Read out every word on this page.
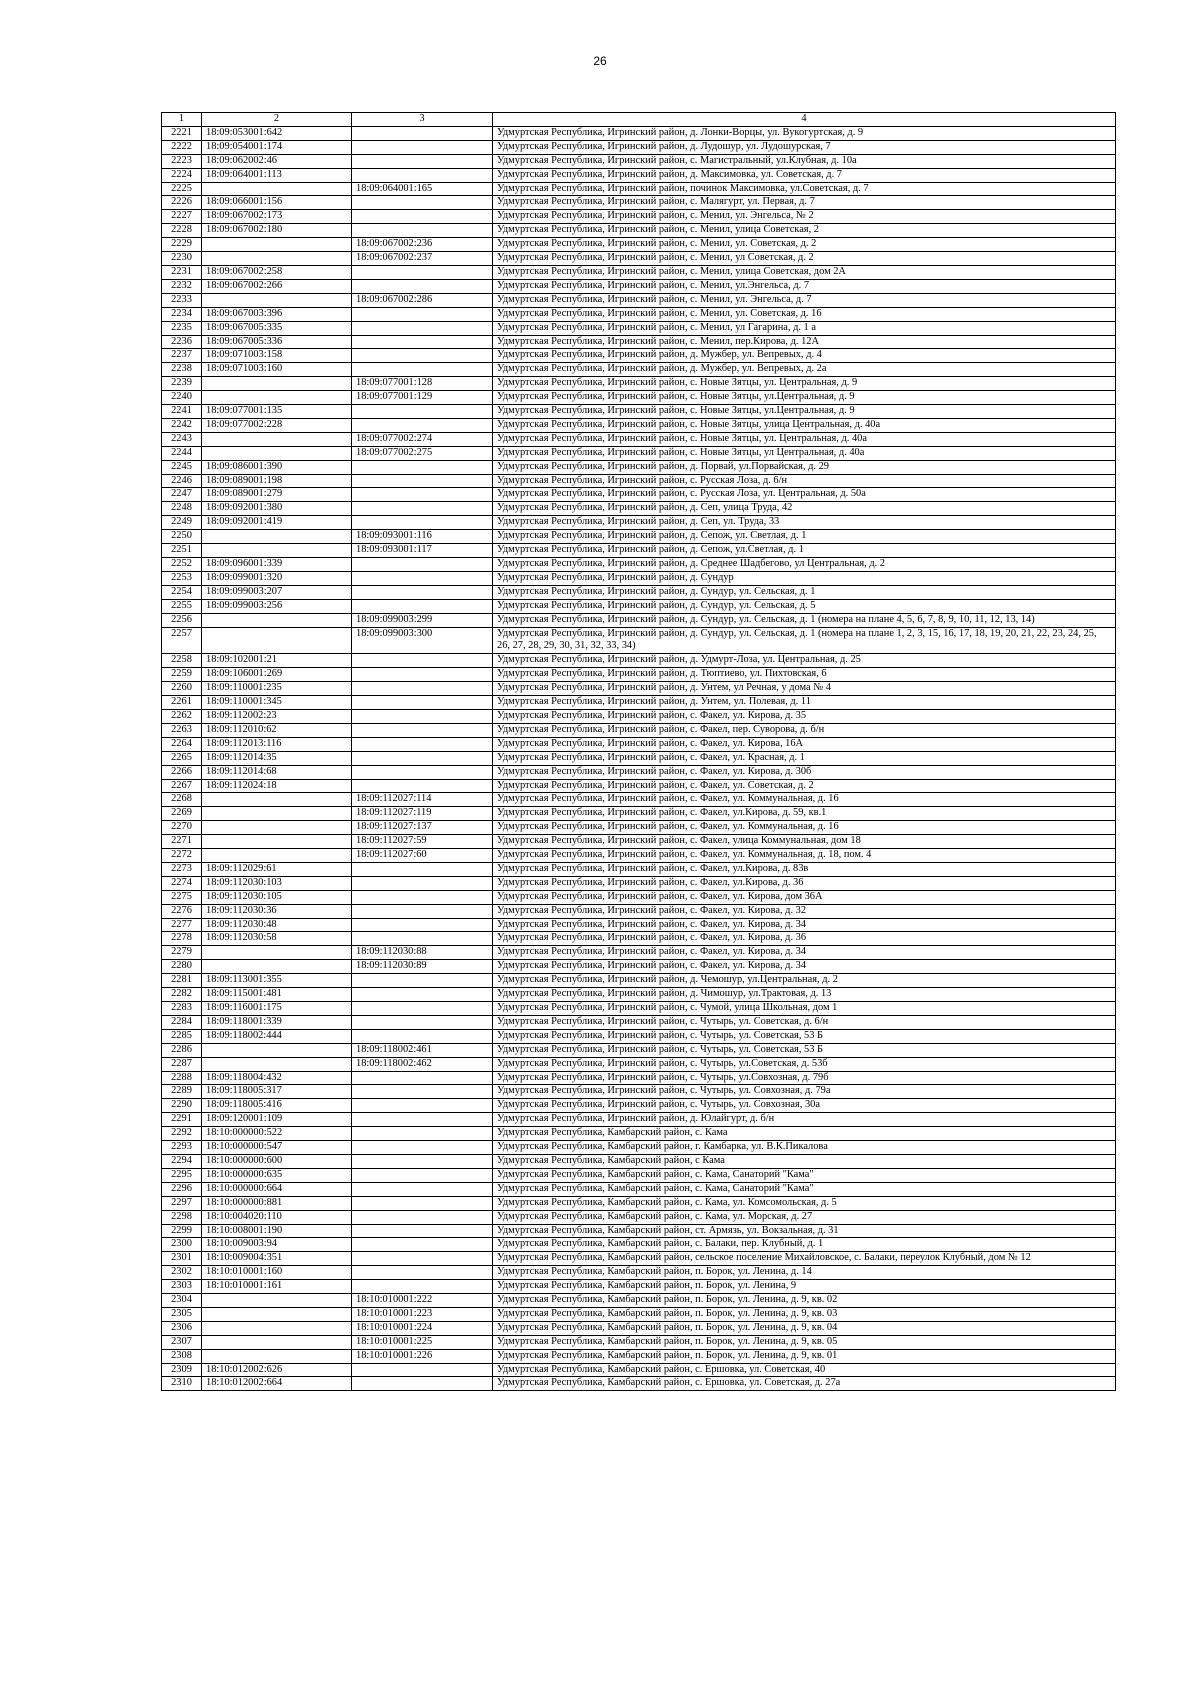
26
1	2	3	4
2221	18:09:053001:642		Удмуртская Республика, Игринский район, д. Лонки-Ворцы, ул. Вукогуртская, д. 9
2222	18:09:054001:174		Удмуртская Республика, Игринский район, д. Лудошур, ул. Лудошурская, 7
2223	18:09:062002:46		Удмуртская Республика, Игринский район, с. Магистральный, ул.Клубная, д. 10а
2224	18:09:064001:113		Удмуртская Республика, Игринский район, д. Максимовка, ул. Советская, д. 7
2225		18:09:064001:165	Удмуртская Республика, Игринский район, починок Максимовка, ул.Советская, д. 7
2226	18:09:066001:156		Удмуртская Республика, Игринский район, с. Малягурт, ул. Первая, д. 7
2227	18:09:067002:173		Удмуртская Республика, Игринский район, с. Менил, ул. Энгельса, № 2
2228	18:09:067002:180		Удмуртская Республика, Игринский район, с. Менил, улица Советская, 2
2229		18:09:067002:236	Удмуртская Республика, Игринский район, с. Менил, ул. Советская, д. 2
2230		18:09:067002:237	Удмуртская Республика, Игринский район, с. Менил, ул Советская, д. 2
2231	18:09:067002:258		Удмуртская Республика, Игринский район, с. Менил, улица Советская, дом 2А
2232	18:09:067002:266		Удмуртская Республика, Игринский район, с. Менил, ул.Энгельса, д. 7
2233		18:09:067002:286	Удмуртская Республика, Игринский район, с. Менил, ул. Энгельса, д. 7
2234	18:09:067003:396		Удмуртская Республика, Игринский район, с. Менил, ул. Советская, д. 16
2235	18:09:067005:335		Удмуртская Республика, Игринский район, с. Менил, ул Гагарина, д. 1 а
2236	18:09:067005:336		Удмуртская Республика, Игринский район, с. Менил, пер.Кирова, д. 12А
2237	18:09:071003:158		Удмуртская Республика, Игринский район, д. Мужбер, ул. Вепревых, д. 4
2238	18:09:071003:160		Удмуртская Республика, Игринский район, д. Мужбер, ул. Вепревых, д. 2а
2239		18:09:077001:128	Удмуртская Республика, Игринский район, с. Новые Зятцы, ул. Центральная, д. 9
2240		18:09:077001:129	Удмуртская Республика, Игринский район, с. Новые Зятцы, ул.Центральная, д. 9
2241	18:09:077001:135		Удмуртская Республика, Игринский район, с. Новые Зятцы, ул.Центральная, д. 9
2242	18:09:077002:228		Удмуртская Республика, Игринский район, с. Новые Зятцы, улица Центральная, д. 40а
2243		18:09:077002:274	Удмуртская Республика, Игринский район, с. Новые Зятцы, ул. Центральная, д. 40а
2244		18:09:077002:275	Удмуртская Республика, Игринский район, с. Новые Зятцы, ул Центральная, д. 40а
2245	18:09:086001:390		Удмуртская Республика, Игринский район, д. Порвай, ул.Порвайская, д. 29
2246	18:09:089001:198		Удмуртская Республика, Игринский район, с. Русская Лоза, д. 6/н
2247	18:09:089001:279		Удмуртская Республика, Игринский район, с. Русская Лоза, ул. Центральная, д. 50а
2248	18:09:092001:380		Удмуртская Республика, Игринский район, д. Сеп, улица Труда, 42
2249	18:09:092001:419		Удмуртская Республика, Игринский район, д. Сеп, ул. Труда, 33
2250		18:09:093001:116	Удмуртская Республика, Игринский район, д. Сепож, ул. Светлая, д. 1
2251		18:09:093001:117	Удмуртская Республика, Игринский район, д. Сепож, ул.Светлая, д. 1
2252	18:09:096001:339		Удмуртская Республика, Игринский район, д. Среднее Шадбегово, ул Центральная, д. 2
2253	18:09:099001:320		Удмуртская Республика, Игринский район, д. Сундур
2254	18:09:099003:207		Удмуртская Республика, Игринский район, д. Сундур, ул. Сельская, д. 1
2255	18:09:099003:256		Удмуртская Республика, Игринский район, д. Сундур, ул. Сельская, д. 5
2256		18:09:099003:299	Удмуртская Республика, Игринский район, д. Сундур, ул. Сельская, д. 1 (номера на плане 4, 5, 6, 7, 8, 9, 10, 11, 12, 13, 14)
2257		18:09:099003:300	Удмуртская Республика, Игринский район, д. Сундур, ул. Сельская, д. 1 (номера на плане 1, 2, 3, 15, 16, 17, 18, 19, 20, 21, 22, 23, 24, 25, 26, 27, 28, 29, 30, 31, 32, 33, 34)
2258	18:09:102001:21		Удмуртская Республика, Игринский район, д. Удмурт-Лоза, ул. Центральная, д. 25
2259	18:09:106001:269		Удмуртская Республика, Игринский район, д. Тюптиево, ул. Пихтовская, 6
2260	18:09:110001:235		Удмуртская Республика, Игринский район, д. Унтем, ул Речная, у дома № 4
2261	18:09:110001:345		Удмуртская Республика, Игринский район, д. Унтем, ул. Полевая, д. 11
2262	18:09:112002:23		Удмуртская Республика, Игринский район, с. Факел, ул. Кирова, д. 35
2263	18:09:112010:62		Удмуртская Республика, Игринский район, с. Факел, пер. Суворова, д. б/н
2264	18:09:112013:116		Удмуртская Республика, Игринский район, с. Факел, ул. Кирова, 16А
2265	18:09:112014:35		Удмуртская Республика, Игринский район, с. Факел, ул. Красная, д. 1
2266	18:09:112014:68		Удмуртская Республика, Игринский район, с. Факел, ул. Кирова, д. 30б
2267	18:09:112024:18		Удмуртская Республика, Игринский район, с. Факел, ул. Советская, д. 2
2268		18:09:112027:114	Удмуртская Республика, Игринский район, с. Факел, ул. Коммунальная, д. 16
2269		18:09:112027:119	Удмуртская Республика, Игринский район, с. Факел, ул.Кирова, д. 59, кв.1
2270		18:09:112027:137	Удмуртская Республика, Игринский район, с. Факел, ул. Коммунальная, д. 16
2271		18:09:112027:59	Удмуртская Республика, Игринский район, с. Факел, улица Коммунальная, дом 18
2272		18:09:112027:60	Удмуртская Республика, Игринский район, с. Факел, ул. Коммунальная, д. 18, пом. 4
2273	18:09:112029:61		Удмуртская Республика, Игринский район, с. Факел, ул.Кирова, д. 83в
2274	18:09:112030:103		Удмуртская Республика, Игринский район, с. Факел, ул.Кирова, д. 36
2275	18:09:112030:105		Удмуртская Республика, Игринский район, с. Факел, ул. Кирова, дом 36А
2276	18:09:112030:36		Удмуртская Республика, Игринский район, с. Факел, ул. Кирова, д. 32
2277	18:09:112030:48		Удмуртская Республика, Игринский район, с. Факел, ул. Кирова, д. 34
2278	18:09:112030:58		Удмуртская Республика, Игринский район, с. Факел, ул. Кирова, д. 36
2279		18:09:112030:88	Удмуртская Республика, Игринский район, с. Факел, ул. Кирова, д. 34
2280		18:09:112030:89	Удмуртская Республика, Игринский район, с. Факел, ул. Кирова, д. 34
2281	18:09:113001:355		Удмуртская Республика, Игринский район, д. Чемошур, ул.Центральная, д. 2
2282	18:09:115001:481		Удмуртская Республика, Игринский район, д. Чимошур, ул.Трактовая, д. 13
2283	18:09:116001:175		Удмуртская Республика, Игринский район, с. Чумой, улица Школьная, дом 1
2284	18:09:118001:339		Удмуртская Республика, Игринский район, с. Чутырь, ул. Советская, д. 6/н
2285	18:09:118002:444		Удмуртская Республика, Игринский район, с. Чутырь, ул. Советская, 53 Б
2286		18:09:118002:461	Удмуртская Республика, Игринский район, с. Чутырь, ул. Советская, 53 Б
2287		18:09:118002:462	Удмуртская Республика, Игринский район, с. Чутырь, ул.Советская, д. 53б
2288	18:09:118004:432		Удмуртская Республика, Игринский район, с. Чутырь, ул.Совхозная, д. 79б
2289	18:09:118005:317		Удмуртская Республика, Игринский район, с. Чутырь, ул. Совхозная, д. 79а
2290	18:09:118005:416		Удмуртская Республика, Игринский район, с. Чутырь, ул. Совхозная, 30а
2291	18:09:120001:109		Удмуртская Республика, Игринский район, д. Юлайгурт, д. б/н
2292	18:10:000000:522		Удмуртская Республика, Камбарский район, с. Кама
2293	18:10:000000:547		Удмуртская Республика, Камбарский район, г. Камбарка, ул. В.К.Пикалова
2294	18:10:000000:600		Удмуртская Республика, Камбарский район, с Кама
2295	18:10:000000:635		Удмуртская Республика, Камбарский район, с. Кама, Санаторий "Кама"
2296	18:10:000000:664		Удмуртская Республика, Камбарский район, с. Кама, Санаторий "Кама"
2297	18:10:000000:881		Удмуртская Республика, Камбарский район, с. Кама, ул. Комсомольская, д. 5
2298	18:10:004020:110		Удмуртская Республика, Камбарский район, с. Кама, ул. Морская, д. 27
2299	18:10:008001:190		Удмуртская Республика, Камбарский район, ст. Армязь, ул. Вокзальная, д. 31
2300	18:10:009003:94		Удмуртская Республика, Камбарский район, с. Балаки, пер. Клубный, д. 1
2301	18:10:009004:351		Удмуртская Республика, Камбарский район, сельское поселение Михайловское, с. Балаки, переулок Клубный, дом № 12
2302	18:10:010001:160		Удмуртская Республика, Камбарский район, п. Борок, ул. Ленина, д. 14
2303	18:10:010001:161		Удмуртская Республика, Камбарский район, п. Борок, ул. Ленина, 9
2304		18:10:010001:222	Удмуртская Республика, Камбарский район, п. Борок, ул. Ленина, д. 9, кв. 02
2305		18:10:010001:223	Удмуртская Республика, Камбарский район, п. Борок, ул. Ленина, д. 9, кв. 03
2306		18:10:010001:224	Удмуртская Республика, Камбарский район, п. Борок, ул. Ленина, д. 9, кв. 04
2307		18:10:010001:225	Удмуртская Республика, Камбарский район, п. Борок, ул. Ленина, д. 9, кв. 05
2308		18:10:010001:226	Удмуртская Республика, Камбарский район, п. Борок, ул. Ленина, д. 9, кв. 01
2309	18:10:012002:626		Удмуртская Республика, Камбарский район, с. Ершовка, ул. Советская, 40
2310	18:10:012002:664		Удмуртская Республика, Камбарский район, с. Ершовка, ул. Советская, д. 27а
